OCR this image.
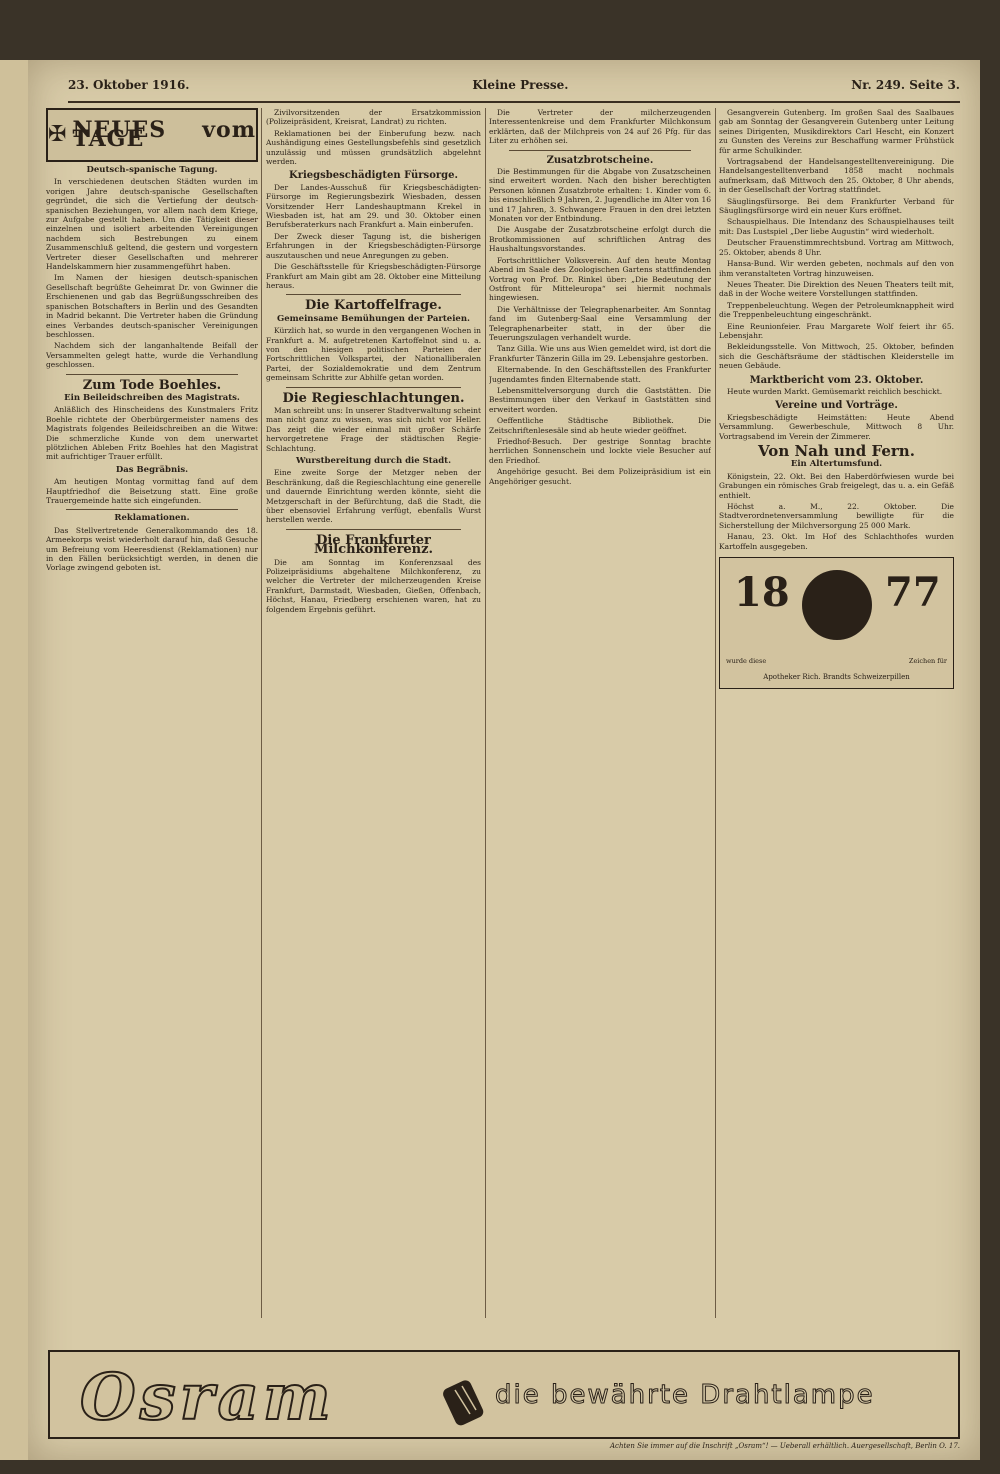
23. Oktober 1916.	Kleine Presse.	Nr. 249. Seite 3.
✠ NEUES vom TAGE
Deutsch-spanische Tagung.

In verschiedenen deutschen Städten wurden im vorigen Jahre deutsch-spanische Gesellschaften gegründet, die sich die Vertiefung der deutsch-spanischen Beziehungen, vor allem nach dem Kriege, zur Aufgabe gestellt haben. Um die Tätigkeit dieser einzelnen und isoliert arbeitenden Vereinigungen nachdem sich Bestrebungen zu einem Zusammenschluß geltend, die gestern und vorgestern Vertreter dieser Gesellschaften und mehrerer Handelskammern hier zusammengeführt haben.

Im Namen der hiesigen deutsch-spanischen Gesellschaft begrüßte Geheimrat Dr. von Gwinner die Erschienenen und gab das Begrüßungsschreiben des spanischen Botschafters in Berlin und des Gesandten in Madrid bekannt. Die Vertreter haben die Gründung eines Verbandes deutsch-spanischer Vereinigungen beschlossen.

Nachdem sich der langanhaltende Beifall der Versammelten gelegt hatte, wurde die Verhandlung geschlossen.

Zum Tode Boehles.
Ein Beileidschreiben des Magistrats.

Anläßlich des Hinscheidens des Kunstmalers Fritz Boehle richtete der Oberbürgermeister namens des Magistrats folgendes Beileidschreiben an die Witwe: Die schmerzliche Kunde von dem unerwartet plötzlichen Ableben Fritz Boehles hat den Magistrat mit aufrichtiger Trauer erfüllt.

Das Begräbnis.

Am heutigen Montag vormittag fand auf dem Hauptfriedhof die Beisetzung statt. Eine große Trauergemeinde hatte sich eingefunden.

Reklamationen.

Das Stellvertretende Generalkommando des 18. Armeekorps weist wiederholt darauf hin, daß Gesuche um Befreiung vom Heeresdienst (Reklamationen) nur in den Fällen berücksichtigt werden, in denen die Vorlage zwingend geboten ist.

Zivilvorsitzenden der Ersatzkommission (Polizeipräsident, Kreisrat, Landrat) zu richten.

Reklamationen bei der Einberufung bezw. nach Aushändigung eines Gestellungsbefehls sind gesetzlich unzulässig und müssen grundsätzlich abgelehnt werden.

Kriegsbeschädigten Fürsorge.

Der Landes-Ausschuß für Kriegsbeschädigten-Fürsorge im Regierungsbezirk Wiesbaden, dessen Vorsitzender Herr Landeshauptmann Krekel in Wiesbaden ist, hat am 29. und 30. Oktober einen Berufsberaterkurs nach Frankfurt a. Main einberufen.

Der Zweck dieser Tagung ist, die bisherigen Erfahrungen in der Kriegsbeschädigten-Fürsorge auszutauschen und neue Anregungen zu geben.

Die Geschäftsstelle für Kriegsbeschädigten-Fürsorge Frankfurt am Main gibt am 28. Oktober eine Mitteilung heraus.

Die Kartoffelfrage.
Gemeinsame Bemühungen der Parteien.

Kürzlich hat, so wurde in den vergangenen Wochen in Frankfurt a. M. aufgetretenen Kartoffelnot sind u. a. von den hiesigen politischen Parteien der Fortschrittlichen Volkspartei, der Nationalliberalen Partei, der Sozialdemokratie und dem Zentrum gemeinsam Schritte zur Abhilfe getan worden.

Die Regieschlachtungen.

Man schreibt uns: In unserer Stadtverwaltung scheint man nicht ganz zu wissen, was sich nicht vor Heller. Das zeigt die wieder einmal mit großer Schärfe hervorgetretene Frage der städtischen Regie-Schlachtung.

Wurstbereitung durch die Stadt.

Eine zweite Sorge der Metzger neben der Beschränkung, daß die Regieschlachtung eine generelle und dauernde Einrichtung werden könnte, sieht die Metzgerschaft in der Befürchtung, daß die Stadt, die über ebensoviel Erfahrung verfügt, ebenfalls Wurst herstellen werde.

Die Frankfurter Milchkonferenz.

Die am Sonntag im Konferenzsaal des Polizeipräsidiums abgehaltene Milchkonferenz, zu welcher die Vertreter der milcherzeugenden Kreise Frankfurt, Darmstadt, Wiesbaden, Gießen, Offenbach, Höchst, Hanau, Friedberg erschienen waren, hat zu folgendem Ergebnis geführt.

Die Vertreter der milcherzeugenden Interessentenkreise und dem Frankfurter Milchkonsum erklärten, daß der Milchpreis von 24 auf 26 Pfg. für das Liter zu erhöhen sei.

Zusatzbrotscheine.

Die Bestimmungen für die Abgabe von Zusatzscheinen sind erweitert worden. Nach den bisher berechtigten Personen können Zusatzbrote erhalten: 1. Kinder vom 6. bis einschließlich 9 Jahren, 2. Jugendliche im Alter von 16 und 17 Jahren, 3. Schwangere Frauen in den drei letzten Monaten vor der Entbindung.

Die Ausgabe der Zusatzbrotscheine erfolgt durch die Brotkommissionen auf schriftlichen Antrag des Haushaltungsvorstandes.

Fortschrittlicher Volksverein. Auf den heute Montag Abend im Saale des Zoologischen Gartens stattfindenden Vortrag von Prof. Dr. Rinkel über: „Die Bedeutung der Ostfront für Mitteleuropa“ sei hiermit nochmals hingewiesen.

Die Verhältnisse der Telegraphenarbeiter. Am Sonntag fand im Gutenberg-Saal eine Versammlung der Telegraphenarbeiter statt, in der über die Teuerungszulagen verhandelt wurde.

Tanz Gilla. Wie uns aus Wien gemeldet wird, ist dort die Frankfurter Tänzerin Gilla im 29. Lebensjahre gestorben.

Elternabende. In den Geschäftsstellen des Frankfurter Jugendamtes finden Elternabende statt.

Lebensmittelversorgung durch die Gaststätten. Die Bestimmungen über den Verkauf in Gaststätten sind erweitert worden.

Oeffentliche Städtische Bibliothek. Die Zeitschriftenlesesäle sind ab heute wieder geöffnet.

Friedhof-Besuch. Der gestrige Sonntag brachte herrlichen Sonnenschein und lockte viele Besucher auf den Friedhof.

Angehörige gesucht. Bei dem Polizeipräsidium ist ein Angehöriger gesucht.

Gesangverein Gutenberg. Im großen Saal des Saalbaues gab am Sonntag der Gesangverein Gutenberg unter Leitung seines Dirigenten, Musikdirektors Carl Hescht, ein Konzert zu Gunsten des Vereins zur Beschaffung warmer Frühstück für arme Schulkinder.

Vortragsabend der Handelsangestelltenvereinigung. Die Handelsangestelltenverband 1858 macht nochmals aufmerksam, daß Mittwoch den 25. Oktober, 8 Uhr abends, in der Gesellschaft der Vortrag stattfindet.

Säuglingsfürsorge. Bei dem Frankfurter Verband für Säuglingsfürsorge wird ein neuer Kurs eröffnet.

Schauspielhaus. Die Intendanz des Schauspielhauses teilt mit: Das Lustspiel „Der liebe Augustin“ wird wiederholt.

Deutscher Frauenstimmrechtsbund. Vortrag am Mittwoch, 25. Oktober, abends 8 Uhr.

Hansa-Bund. Wir werden gebeten, nochmals auf den von ihm veranstalteten Vortrag hinzuweisen.

Neues Theater. Die Direktion des Neuen Theaters teilt mit, daß in der Woche weitere Vorstellungen stattfinden.

Treppenbeleuchtung. Wegen der Petroleumknappheit wird die Treppenbeleuchtung eingeschränkt.

Eine Reunionfeier. Frau Margarete Wolf feiert ihr 65. Lebensjahr.

Bekleidungsstelle. Von Mittwoch, 25. Oktober, befinden sich die Geschäftsräume der städtischen Kleiderstelle im neuen Gebäude.

Marktbericht vom 23. Oktober.

Heute wurden Markt. Gemüsemarkt reichlich beschickt.

Vereine und Vorträge.

Kriegsbeschädigte Heimstätten: Heute Abend Versammlung. Gewerbeschule, Mittwoch 8 Uhr. Vortragsabend im Verein der Zimmerer.

Von Nah und Fern.
Ein Altertumsfund.

Königstein, 22. Okt. Bei den Haberdörfwiesen wurde bei Grabungen ein römisches Grab freigelegt, das u. a. ein Gefäß enthielt.

Höchst a. M., 22. Oktober. Die Stadtverordnetenversammlung bewilligte für die Sicherstellung der Milchversorgung 25 000 Mark.

Hanau, 23. Okt. Im Hof des Schlachthofes wurden Kartoffeln ausgegeben.

18 77
wurde diese	Zeichen für
Apotheker Rich. Brandts Schweizerpillen
Osram	die bewährte Drahtlampe
Achten Sie immer auf die Inschrift „Osram“! — Ueberall erhältlich. Auergesellschaft, Berlin O. 17.
